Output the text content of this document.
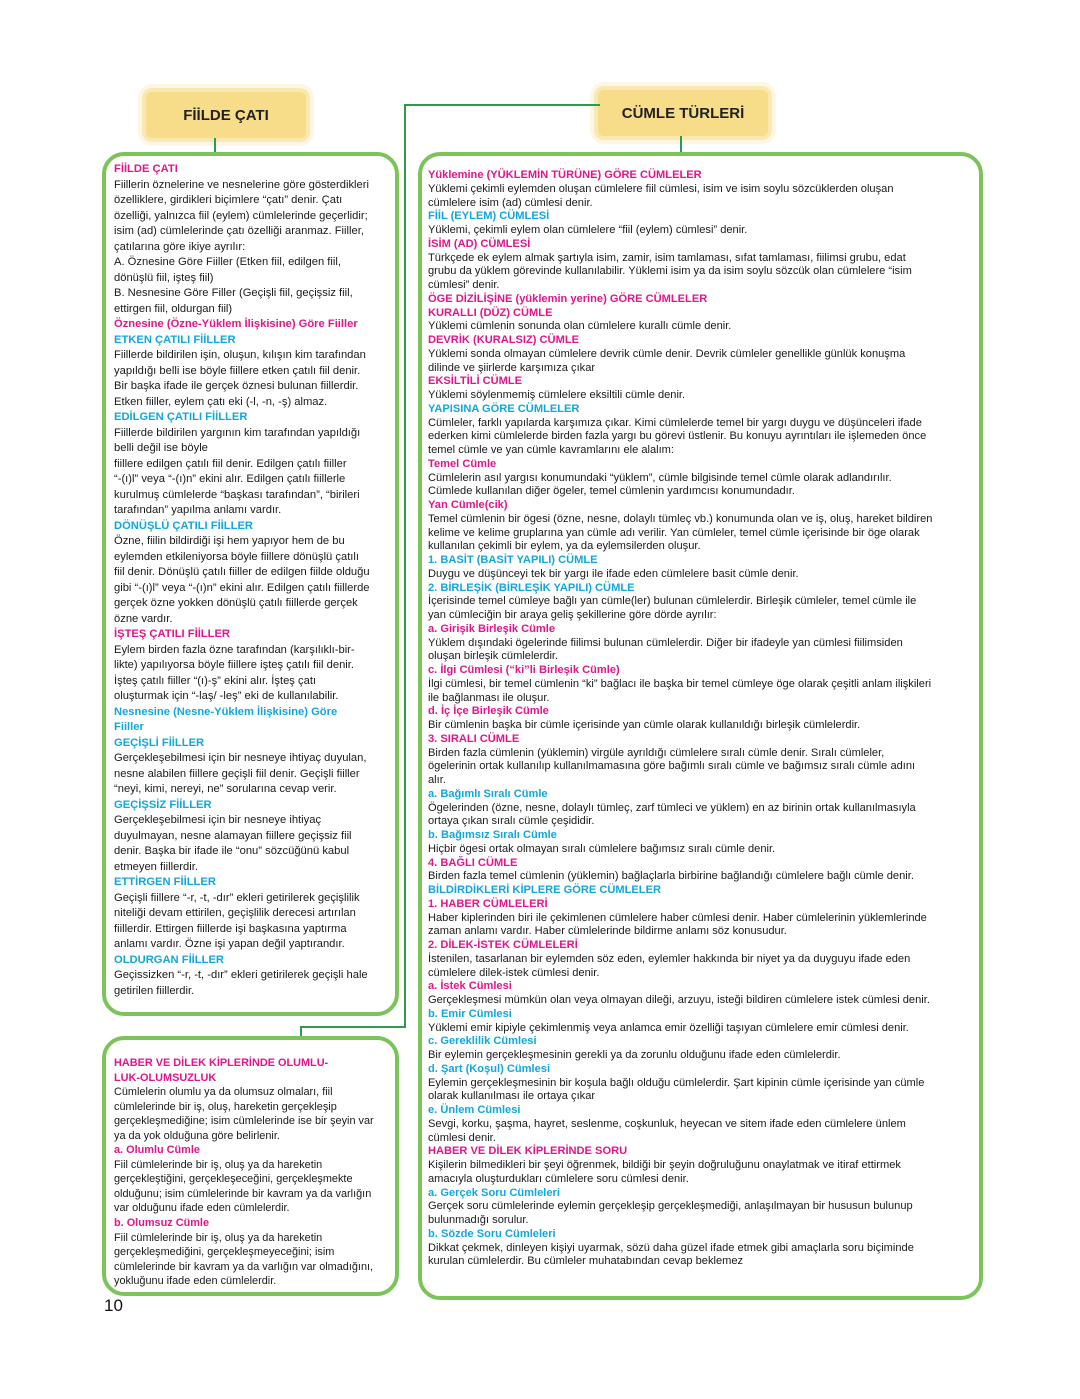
FİİLDE ÇATI	CÜMLE TÜRLERİ
FİİLDE ÇATI
Fiillerin öznelerine ve nesnelerine göre gösterdikleri
özelliklere, girdikleri biçimlere “çatı” denir. Çatı
özelliği, yalnızca fiil (eylem) cümlelerinde geçerlidir;
isim (ad) cümlelerinde çatı özelliği aranmaz. Fiiller,
çatılarına göre ikiye ayrılır:
A. Öznesine Göre Fiiller (Etken fiil, edilgen fiil,
dönüşlü fiil, işteş fiil)
B. Nesnesine Göre Filler (Geçişli fiil, geçişsiz fiil,
ettirgen fiil, oldurgan fiil)
Öznesine (Özne-Yüklem İlişkisine) Göre Fiiller
ETKEN ÇATILI FİİLLER
Fiillerde bildirilen işin, oluşun, kılışın kim tarafından
yapıldığı belli ise böyle fiillere etken çatılı fiil denir.
Bir başka ifade ile gerçek öznesi bulunan fiillerdir.
Etken fiiller, eylem çatı eki (-l, -n, -ş) almaz.
EDİLGEN ÇATILI FİİLLER
Fiillerde bildirilen yargının kim tarafından yapıldığı
belli değil ise böyle
fiillere edilgen çatılı fiil denir. Edilgen çatılı fiiller
“-(ı)l” veya “-(ı)n” ekini alır. Edilgen çatılı fiillerle
kurulmuş cümlelerde “başkası tarafından”, “birileri
tarafından” yapılma anlamı vardır.
DÖNÜŞLÜ ÇATILI FİİLLER
Özne, fiilin bildirdiği işi hem yapıyor hem de bu
eylemden etkileniyorsa böyle fiillere dönüşlü çatılı
fiil denir. Dönüşlü çatılı fiiller de edilgen fiilde olduğu
gibi “-(ı)l” veya “-(ı)n” ekini alır. Edilgen çatılı fiillerde
gerçek özne yokken dönüşlü çatılı fiillerde gerçek
özne vardır.
İŞTEŞ ÇATILI FİİLLER
Eylem birden fazla özne tarafından (karşılıklı-bir-
likte) yapılıyorsa böyle fiillere işteş çatılı fiil denir.
İşteş çatılı fiiller “(ı)-ş” ekini alır. İşteş çatı
oluşturmak için “-laş/ -leş” eki de kullanılabilir.
Nesnesine (Nesne-Yüklem İlişkisine) Göre
Fiiller
GEÇİŞLİ FİİLLER
Gerçekleşebilmesi için bir nesneye ihtiyaç duyulan,
nesne alabilen fiillere geçişli fiil denir. Geçişli fiiller
“neyi, kimi, nereyi, ne” sorularına cevap verir.
GEÇİŞSİZ FİİLLER
Gerçekleşebilmesi için bir nesneye ihtiyaç
duyulmayan, nesne alamayan fiillere geçişsiz fiil
denir. Başka bir ifade ile “onu” sözcüğünü kabul
etmeyen fiillerdir.
ETTİRGEN FİİLLER
Geçişli fiillere “-r, -t, -dır” ekleri getirilerek geçişlilik
niteliği devam ettirilen, geçişlilik derecesi artırılan
fiillerdir. Ettirgen fiillerde işi başkasına yaptırma
anlamı vardır. Özne işi yapan değil yaptırandır.
OLDURGAN FİİLLER
Geçissizken “-r, -t, -dır” ekleri getirilerek geçişli hale
getirilen fiillerdir.
Yüklemine (YÜKLEMİN TÜRÜNE) GÖRE CÜMLELER
Yüklemi çekimli eylemden oluşan cümlelere fiil cümlesi, isim ve isim soylu sözcüklerden oluşan
cümlelere isim (ad) cümlesi denir.
FİİL (EYLEM) CÜMLESİ
Yüklemi, çekimli eylem olan cümlelere “fiil (eylem) cümlesi” denir.
İSİM (AD) CÜMLESİ
Türkçede ek eylem almak şartıyla isim, zamir, isim tamlaması, sıfat tamlaması, fiilimsi grubu, edat
grubu da yüklem görevinde kullanılabilir. Yüklemi isim ya da isim soylu sözcük olan cümlelere “isim
cümlesi” denir.
ÖGE DİZİLİŞİNE (yüklemin yerine) GÖRE CÜMLELER
KURALLI (DÜZ) CÜMLE
Yüklemi cümlenin sonunda olan cümlelere kurallı cümle denir.
DEVRİK (KURALSIZ) CÜMLE
Yüklemi sonda olmayan cümlelere devrik cümle denir. Devrik cümleler genellikle günlük konuşma
dilinde ve şiirlerde karşımıza çıkar
EKSİLTİLİ CÜMLE
Yüklemi söylenmemiş cümlelere eksiltili cümle denir.
YAPISINA GÖRE CÜMLELER
Cümleler, farklı yapılarda karşımıza çıkar. Kimi cümlelerde temel bir yargı duygu ve düşünceleri ifade
ederken kimi cümlelerde birden fazla yargı bu görevi üstlenir. Bu konuyu ayrıntıları ile işlemeden önce
temel cümle ve yan cümle kavramlarını ele alalım:
Temel Cümle
Cümlelerin asıl yargısı konumundaki “yüklem”, cümle bilgisinde temel cümle olarak adlandırılır.
Cümlede kullanılan diğer ögeler, temel cümlenin yardımcısı konumundadır.
Yan Cümle(cik)
Temel cümlenin bir ögesi (özne, nesne, dolaylı tümleç vb.) konumunda olan ve iş, oluş, hareket bildiren
kelime ve kelime gruplarına yan cümle adı verilir. Yan cümleler, temel cümle içerisinde bir öge olarak
kullanılan çekimli bir eylem, ya da eylemsilerden oluşur.
1. BASİT (BASİT YAPILI) CÜMLE
Duygu ve düşünceyi tek bir yargı ile ifade eden cümlelere basit cümle denir.
2. BİRLEŞİK (BİRLEŞİK YAPILI) CÜMLE
İçerisinde temel cümleye bağlı yan cümle(ler) bulunan cümlelerdir. Birleşik cümleler, temel cümle ile
yan cümleciğin bir araya geliş şekillerine göre dörde ayrılır:
a. Girişik Birleşik Cümle
Yüklem dışındaki ögelerinde fiilimsi bulunan cümlelerdir. Diğer bir ifadeyle yan cümlesi fiilimsiden
oluşan birleşik cümlelerdir.
c. İlgi Cümlesi (“ki”li Birleşik Cümle)
İlgi cümlesi, bir temel cümlenin “ki” bağlacı ile başka bir temel cümleye öge olarak çeşitli anlam ilişkileri
ile bağlanması ile oluşur.
d. İç İçe Birleşik Cümle
Bir cümlenin başka bir cümle içerisinde yan cümle olarak kullanıldığı birleşik cümlelerdir.
3. SIRALI CÜMLE
Birden fazla cümlenin (yüklemin) virgüle ayrıldığı cümlelere sıralı cümle denir. Sıralı cümleler,
ögelerinin ortak kullanılıp kullanılmamasına göre bağımlı sıralı cümle ve bağımsız sıralı cümle adını
alır.
a. Bağımlı Sıralı Cümle
Ögelerinden (özne, nesne, dolaylı tümleç, zarf tümleci ve yüklem) en az birinin ortak kullanılmasıyla
ortaya çıkan sıralı cümle çeşididir.
b. Bağımsız Sıralı Cümle
Hiçbir ögesi ortak olmayan sıralı cümlelere bağımsız sıralı cümle denir.
4. BAĞLI CÜMLE
Birden fazla temel cümlenin (yüklemin) bağlaçlarla birbirine bağlandığı cümlelere bağlı cümle denir.
BİLDİRDİKLERİ KİPLERE GÖRE CÜMLELER
1. HABER CÜMLELERİ
Haber kiplerinden biri ile çekimlenen cümlelere haber cümlesi denir. Haber cümlelerinin yüklemlerinde
zaman anlamı vardır. Haber cümlelerinde bildirme anlamı söz konusudur.
2. DİLEK-İSTEK CÜMLELERİ
İstenilen, tasarlanan bir eylemden söz eden, eylemler hakkında bir niyet ya da duyguyu ifade eden
cümlelere dilek-istek cümlesi denir.
a. İstek Cümlesi
Gerçekleşmesi mümkün olan veya olmayan dileği, arzuyu, isteği bildiren cümlelere istek cümlesi denir.
b. Emir Cümlesi
Yüklemi emir kipiyle çekimlenmiş veya anlamca emir özelliği taşıyan cümlelere emir cümlesi denir.
c. Gereklilik Cümlesi
Bir eylemin gerçekleşmesinin gerekli ya da zorunlu olduğunu ifade eden cümlelerdir.
d. Şart (Koşul) Cümlesi
Eylemin gerçekleşmesinin bir koşula bağlı olduğu cümlelerdir. Şart kipinin cümle içerisinde yan cümle
olarak kullanılması ile ortaya çıkar
e. Ünlem Cümlesi
Sevgi, korku, şaşma, hayret, seslenme, coşkunluk, heyecan ve sitem ifade eden cümlelere ünlem
cümlesi denir.
HABER VE DİLEK KİPLERİNDE SORU
Kişilerin bilmedikleri bir şeyi öğrenmek, bildiği bir şeyin doğruluğunu onaylatmak ve itiraf ettirmek
amacıyla oluşturdukları cümlelere soru cümlesi denir.
a. Gerçek Soru Cümleleri
Gerçek soru cümlelerinde eylemin gerçekleşip gerçekleşmediği, anlaşılmayan bir hususun bulunup
bulunmadığı sorulur.
b. Sözde Soru Cümleleri
Dikkat çekmek, dinleyen kişiyi uyarmak, sözü daha güzel ifade etmek gibi amaçlarla soru biçiminde
kurulan cümlelerdir. Bu cümleler muhatabından cevap beklemez
HABER VE DİLEK KİPLERİNDE OLUMLU-
LUK-OLUMSUZLUK
Cümlelerin olumlu ya da olumsuz olmaları, fiil
cümlelerinde bir iş, oluş, hareketin gerçekleşip
gerçekleşmediğine; isim cümlelerinde ise bir şeyin var
ya da yok olduğuna göre belirlenir.
a. Olumlu Cümle
Fiil cümlelerinde bir iş, oluş ya da hareketin
gerçekleştiğini, gerçekleşeceğini, gerçekleşmekte
olduğunu; isim cümlelerinde bir kavram ya da varlığın
var olduğunu ifade eden cümlelerdir.
b. Olumsuz Cümle
Fiil cümlelerinde bir iş, oluş ya da hareketin
gerçekleşmediğini, gerçekleşmeyeceğini; isim
cümlelerinde bir kavram ya da varlığın var olmadığını,
yokluğunu ifade eden cümlelerdir.
10
